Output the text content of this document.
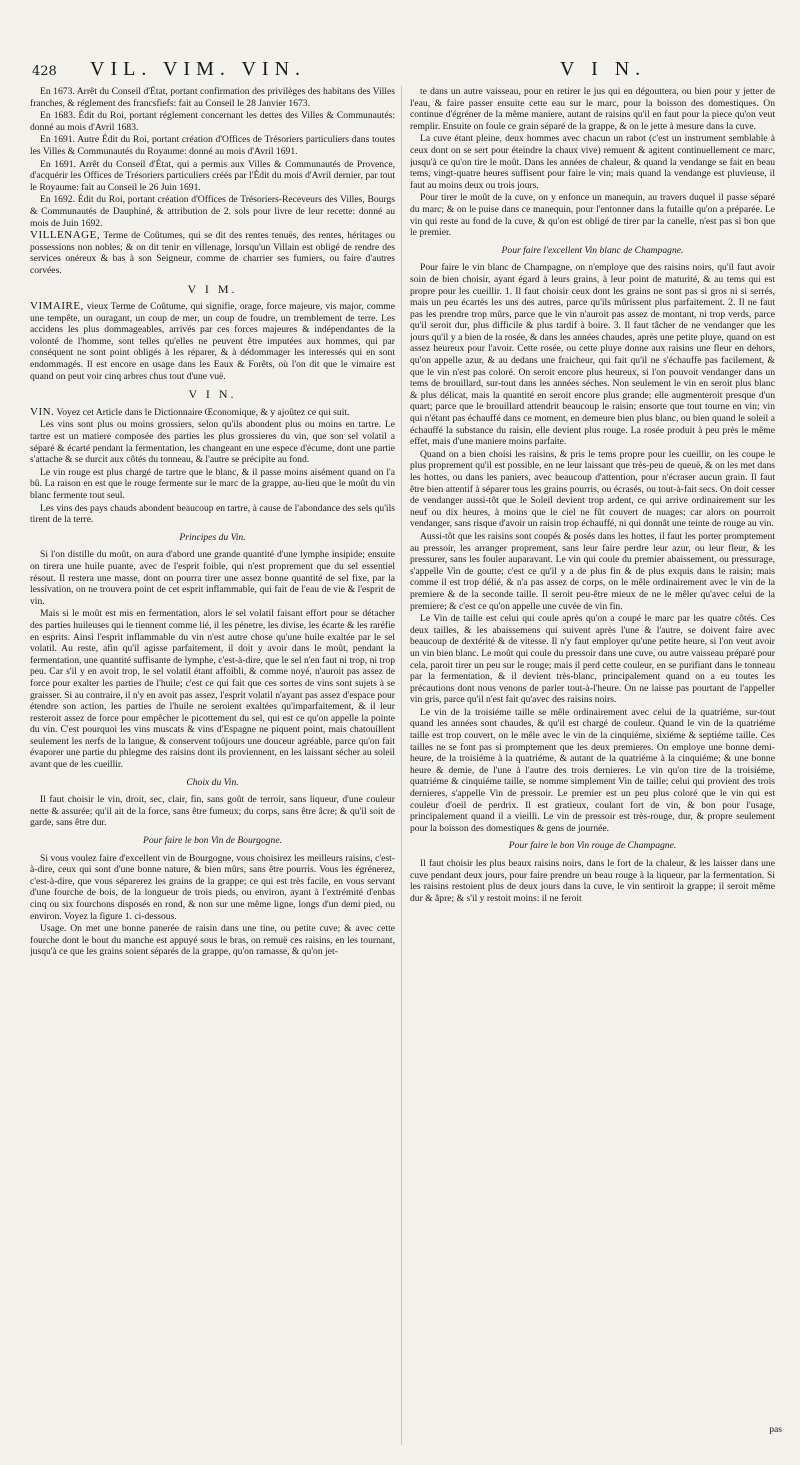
428 VIL. VIM. VIN.	V I N.

En 1673. Arrêt du Conseil d'État, portant confirmation des privilèges des habitans des Villes franches, & réglement des francsfiefs: fait au Conseil le 28 Janvier 1673.

En 1683. Édit du Roi, portant réglement concernant les dettes des Villes & Communautés: donné au mois d'Avril 1683.

En 1691. Autre Édit du Roi, portant création d'Offices de Trésoriers particuliers dans toutes les Villes & Communautés du Royaume: donné au mois d'Avril 1691.

En 1691. Arrêt du Conseil d'État, qui a permis aux Villes & Communautés de Provence, d'acquérir les Offices de Trésoriers particuliers créés par l'Édit du mois d'Avril dernier, par tout le Royaume: fait au Conseil le 26 Juin 1691.

En 1692. Édit du Roi, portant création d'Offices de Trésoriers-Receveurs des Villes, Bourgs & Communautés de Dauphiné, & attribution de 2. sols pour livre de leur recette: donné au mois de Juin 1692.

VILLENAGE, Terme de Coûtumes, qui se dit des rentes tenuës, des rentes, héritages ou possessions non nobles; & on dit tenir en villenage, lorsqu'un Villain est obligé de rendre des services onéreux & bas à son Seigneur, comme de charrier ses fumiers, ou faire d'autres corvées.

V I M.

VIMAIRE, vieux Terme de Coûtume, qui signifie, orage, force majeure, vis major, comme une tempête, un ouragant, un coup de mer, un coup de foudre, un tremblement de terre. Les accidens les plus dommageables, arrivés par ces forces majeures & indépendantes de la volonté de l'homme, sont telles qu'elles ne peuvent être imputées aux hommes, qui par conséquent ne sont point obligés à les réparer, & à dédommager les interessés qui en sont endommagés. Il est encore en usage dans les Eaux & Forêts, où l'on dit que le vimaire est quand on peut voir cinq arbres chus tout d'une vuë.

V I N.

VIN. Voyez cet Article dans le Dictionnaire Œconomique, & y ajoûtez ce qui suit.

Les vins sont plus ou moins grossiers, selon qu'ils abondent plus ou moins en tartre. Le tartre est un matiere composée des parties les plus grossieres du vin, que son sel volatil a séparé & écarté pendant la fermentation, les changeant en une espece d'écume, dont une partie s'attache & se durcit aux côtés du tonneau, & l'autre se précipite au fond.

Le vin rouge est plus chargé de tartre que le blanc, & il passe moins aisément quand on l'a bû. La raison en est que le rouge fermente sur le marc de la grappe, au-lieu que le moût du vin blanc fermente tout seul.

Les vins des pays chauds abondent beaucoup en tartre, à cause de l'abondance des sels qu'ils tirent de la terre.

Principes du Vin.

Si l'on distille du moût, on aura d'abord une grande quantité d'une lymphe insipide; ensuite on tirera une huile puante, avec de l'esprit foible, qui n'est proprement que du sel essentiel résout. Il restera une masse, dont on pourra tirer une assez bonne quantité de sel fixe, par la lessivation, on ne trouvera point de cet esprit inflammable, qui fait de l'eau de vie & l'esprit de vin.

Mais si le moût est mis en fermentation, alors le sel volatil faisant effort pour se détacher des parties huileuses qui le tiennent comme lié, il les pénetre, les divise, les écarte & les raréfie en esprits. Ainsi l'esprit inflammable du vin n'est autre chose qu'une huile exaltée par le sel volatil. Au reste, afin qu'il agisse parfaitement, il doit y avoir dans le moût, pendant la fermentation, une quantité suffisante de lymphe, c'est-à-dire, que le sel n'en faut ni trop, ni trop peu. Car s'il y en avoit trop, le sel volatil étant affoibli, & comme noyé, n'auroit pas assez de force pour exalter les parties de l'huile; c'est ce qui fait que ces sortes de vins sont sujets à se graisser. Si au contraire, il n'y en avoit pas assez, l'esprit volatil n'ayant pas assez d'espace pour étendre son action, les parties de l'huile ne seroient exaltées qu'imparfaitement, & il leur resteroit assez de force pour empêcher le picottement du sel, qui est ce qu'on appelle la pointe du vin. C'est pourquoi les vins muscats & vins d'Espagne ne piquent point, mais chatouillent seulement les nerfs de la langue, & conservent toûjours une douceur agréable, parce qu'on fait évaporer une partie du phlegme des raisins dont ils proviennent, en les laissant sécher au soleil avant que de les cueillir.

Choix du Vin.

Il faut choisir le vin, droit, sec, clair, fin, sans goût de terroir, sans liqueur, d'une couleur nette & assurée; qu'il ait de la force, sans être fumeux; du corps, sans être âcre; & qu'il soit de garde, sans être dur.

Pour faire le bon Vin de Bourgogne.

Si vous voulez faire d'excellent vin de Bourgogne, vous choisirez les meilleurs raisins, c'est-à-dire, ceux qui sont d'une bonne nature, & bien mûrs, sans être pourris. Vous les égrénerez, c'est-à-dire, que vous séparerez les grains de la grappe; ce qui est très facile, en vous servant d'une fourche de bois, de la longueur de trois pieds, ou environ, ayant à l'extrémité d'enbas cinq ou six fourchons disposés en rond, & non sur une même ligne, longs d'un demi pied, ou environ. Voyez la figure 1. ci-dessous.

Usage. On met une bonne panerée de raisin dans une tine, ou petite cuve; & avec cette fourche dont le bout du manche est appuyé sous le bras, on remuë ces raisins, en les tournant, jusqu'à ce que les grains soient séparés de la grappe, qu'on ramasse, & qu'on jet-

te dans un autre vaisseau, pour en retirer le jus qui en dégouttera, ou bien pour y jetter de l'eau, & faire passer ensuite cette eau sur le marc, pour la boisson des domestiques. On continue d'égréner de la même maniere, autant de raisins qu'il en faut pour la piece qu'on veut remplir. Ensuite on foule ce grain séparé de la grappe, & on le jette à mesure dans la cuve.

La cuve étant pleine, deux hommes avec chacun un rabot (c'est un instrument semblable à ceux dont on se sert pour éteindre la chaux vive) remuent & agitent continuellement ce marc, jusqu'à ce qu'on tire le moût. Dans les années de chaleur, & quand la vendange se fait en beau tems, vingt-quatre heures suffisent pour faire le vin; mais quand la vendange est pluvieuse, il faut au moins deux ou trois jours.

Pour tirer le moût de la cuve, on y enfonce un manequin, au travers duquel il passe séparé du marc; & on le puise dans ce manequin, pour l'entonner dans la futaille qu'on a préparée. Le vin qui reste au fond de la cuve, & qu'on est obligé de tirer par la canelle, n'est pas si bon que le premier.

Pour faire l'excellent Vin blanc de Champagne.

Pour faire le vin blanc de Champagne, on n'employe que des raisins noirs, qu'il faut avoir soin de bien choisir, ayant égard à leurs grains, à leur point de maturité, & au tems qui est propre pour les cueillir. 1. Il faut choisir ceux dont les grains ne sont pas si gros ni si serrés, mais un peu écartés les uns des autres, parce qu'ils mûrissent plus parfaitement. 2. Il ne faut pas les prendre trop mûrs, parce que le vin n'auroit pas assez de montant, ni trop verds, parce qu'il seroit dur, plus difficile & plus tardif à boire. 3. Il faut tâcher de ne vendanger que les jours qu'il y a bien de la rosée, & dans les années chaudes, après une petite pluye, quand on est assez heureux pour l'avoir. Cette rosée, ou cette pluye donne aux raisins une fleur en dehors, qu'on appelle azur, & au dedans une fraicheur, qui fait qu'il ne s'échauffe pas facilement, & que le vin n'est pas coloré. On seroit encore plus heureux, si l'on pouvoit vendanger dans un tems de brouillard, sur-tout dans les années séches. Non seulement le vin en seroit plus blanc & plus délicat, mais la quantité en seroit encore plus grande; elle augmenteroit presque d'un quart; parce que le brouillard attendrit beaucoup le raisin; ensorte que tout tourne en vin; vin qui n'étant pas échauffé dans ce moment, en demeure bien plus blanc, ou bien quand le soleil a échauffé la substance du raisin, elle devient plus rouge. La rosée produit à peu près le même effet, mais d'une maniere moins parfaite.

Quand on a bien choisi les raisins, & pris le tems propre pour les cueillir, on les coupe le plus proprement qu'il est possible, en ne leur laissant que très-peu de queuë, & on les met dans les hottes, ou dans les paniers, avec beaucoup d'attention, pour n'écraser aucun grain. Il faut être bien attentif à séparer tous les grains pourris, ou écrasés, ou tout-à-fait secs. On doit cesser de vendanger aussi-tôt que le Soleil devient trop ardent, ce qui arrive ordinairement sur les neuf ou dix heures, à moins que le ciel ne fût couvert de nuages; car alors on pourroit vendanger, sans risque d'avoir un raisin trop échauffé, ni qui donnât une teinte de rouge au vin.

Aussi-tôt que les raisins sont coupés & posés dans les hottes, il faut les porter promptement au pressoir, les arranger proprement, sans leur faire perdre leur azur, ou leur fleur, & les pressurer, sans les fouler auparavant. Le vin qui coule du premier abaissement, ou pressurage, s'appelle Vin de goutte; c'est ce qu'il y a de plus fin & de plus exquis dans le raisin; mais comme il est trop délié, & n'a pas assez de corps, on le mêle ordinairement avec le vin de la premiere & de la seconde taille. Il seroit peu-être mieux de ne le mêler qu'avec celui de la premiere; & c'est ce qu'on appelle une cuvée de vin fin.

Le Vin de taille est celui qui coule après qu'on a coupé le marc par les quatre côtés. Ces deux tailles, & les abaissemens qui suivent après l'une & l'autre, se doivent faire avec beaucoup de dextérité & de vitesse. Il n'y faut employer qu'une petite heure, si l'on veut avoir un vin bien blanc. Le moût qui coule du pressoir dans une cuve, ou autre vaisseau préparé pour cela, paroit tirer un peu sur le rouge; mais il perd cette couleur, en se purifiant dans le tonneau par la fermentation, & il devient très-blanc, principalement quand on a eu toutes les précautions dont nous venons de parler tout-à-l'heure. On ne laisse pas pourtant de l'appeller vin gris, parce qu'il n'est fait qu'avec des raisins noirs.

Le vin de la troisiéme taille se mêle ordinairement avec celui de la quatriéme, sur-tout quand les années sont chaudes, & qu'il est chargé de couleur. Quand le vin de la quatriéme taille est trop couvert, on le mêle avec le vin de la cinquiéme, sixiéme & septiéme taille. Ces tailles ne se font pas si promptement que les deux premieres. On employe une bonne demi-heure, de la troisiéme à la quatriéme, & autant de la quatriéme à la cinquiéme; & une bonne heure & demie, de l'une à l'autre des trois dernieres. Le vin qu'on tire de la troisiéme, quatriéme & cinquiéme taille, se nomme simplement Vin de taille; celui qui provient des trois dernieres, s'appelle Vin de pressoir. Le premier est un peu plus coloré que le vin qui est couleur d'oeil de perdrix. Il est gratieux, coulant fort de vin, & bon pour l'usage, principalement quand il a vieilli. Le vin de pressoir est très-rouge, dur, & propre seulement pour la boisson des domestiques & gens de journée.

Pour faire le bon Vin rouge de Champagne.

Il faut choisir les plus beaux raisins noirs, dans le fort de la chaleur, & les laisser dans une cuve pendant deux jours, pour faire prendre un beau rouge à la liqueur, par la fermentation. Si les raisins restoient plus de deux jours dans la cuve, le vin sentiroit la grappe; il seroit même dur & âpre; & s'il y restoit moins: il ne feroit

pas
